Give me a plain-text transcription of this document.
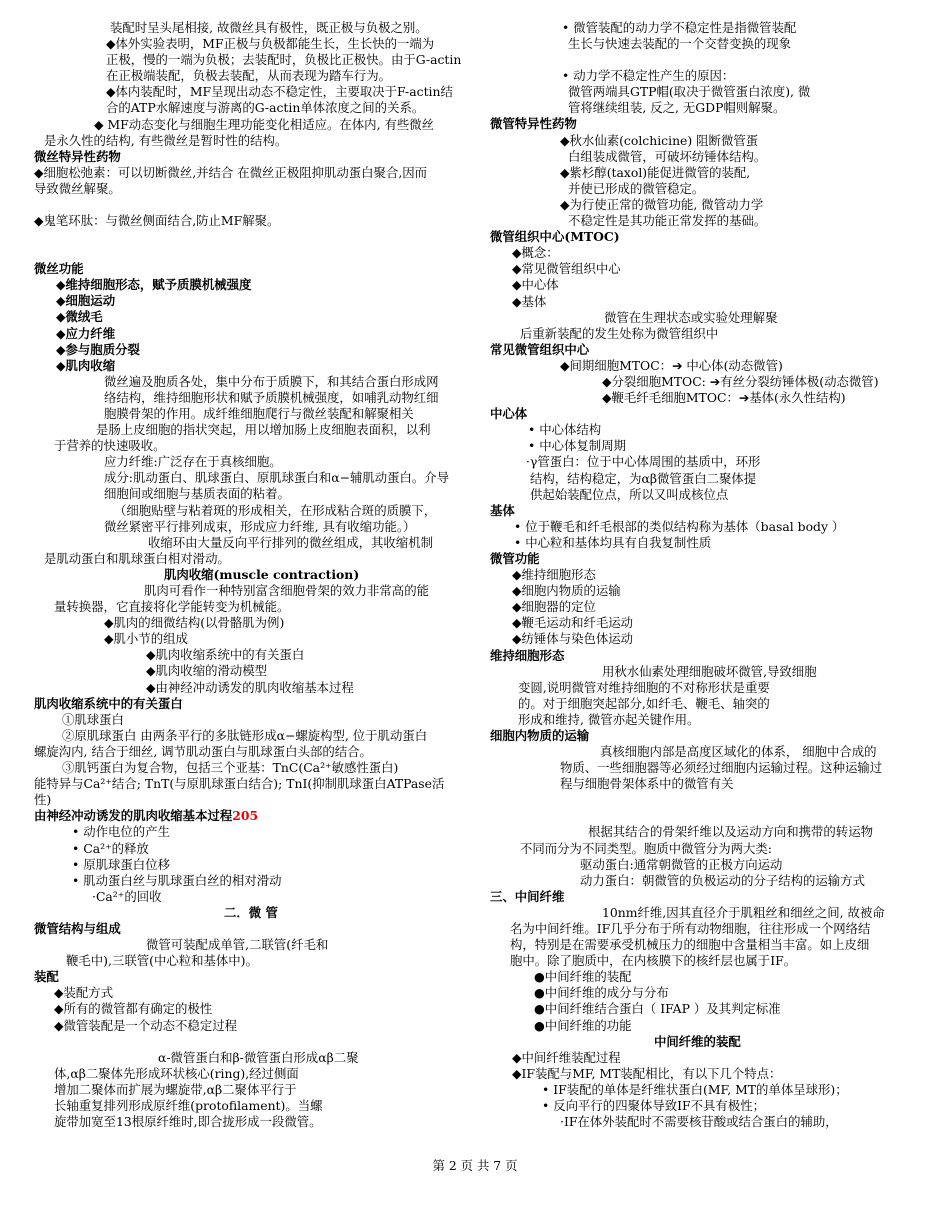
装配时呈头尾相接, 故微丝具有极性，既正极与负极之别。
◆体外实验表明，MF正极与负极都能生长，生长快的一端为
正极，慢的一端为负极；去装配时，负极比正极快。由于G-actin
在正极端装配，负极去装配，从而表现为踏车行为。
◆体内装配时，MF呈现出动态不稳定性，主要取决于F-actin结
合的ATP水解速度与游离的G-actin单体浓度之间的关系。
◆ MF动态变化与细胞生理功能变化相适应。在体内, 有些微丝
是永久性的结构, 有些微丝是暂时性的结构。
微丝特异性药物
◆细胞松弛素：可以切断微丝,并结合 在微丝正极阻抑肌动蛋白聚合,因而
导致微丝解聚。
◆鬼笔环肽：与微丝侧面结合,防止MF解聚。
微丝功能
◆维持细胞形态，赋予质膜机械强度
◆细胞运动
◆微绒毛
◆应力纤维
◆参与胞质分裂
◆肌肉收缩
微丝遍及胞质各处，集中分布于质膜下，和其结合蛋白形成网
络结构，维持细胞形状和赋予质膜机械强度，如哺乳动物红细
胞膜骨架的作用。成纤维细胞爬行与微丝装配和解聚相关
是肠上皮细胞的指状突起，用以增加肠上皮细胞表面积，以利
于营养的快速吸收。
应力纤维:广泛存在于真核细胞。
成分:肌动蛋白、肌球蛋白、原肌球蛋白和α−辅肌动蛋白。介导
细胞间或细胞与基质表面的粘着。
（细胞贴壁与粘着斑的形成相关，在形成粘合斑的质膜下，
微丝紧密平行排列成束，形成应力纤维, 具有收缩功能。）
收缩环由大量反向平行排列的微丝组成，其收缩机制
是肌动蛋白和肌球蛋白相对滑动。
肌肉收缩(muscle contraction)
肌肉可看作一种特别富含细胞骨架的效力非常高的能
量转换器，它直接将化学能转变为机械能。
◆肌肉的细微结构(以骨骼肌为例)
◆肌小节的组成
◆肌肉收缩系统中的有关蛋白
◆肌肉收缩的滑动模型
◆由神经冲动诱发的肌肉收缩基本过程
肌肉收缩系统中的有关蛋白
①肌球蛋白
②原肌球蛋白 由两条平行的多肽链形成α−螺旋构型, 位于肌动蛋白
螺旋沟内, 结合于细丝, 调节肌动蛋白与肌球蛋白头部的结合。
③肌钙蛋白为复合物，包括三个亚基：TnC(Ca²⁺敏感性蛋白)
能特异与Ca²⁺结合; TnT(与原肌球蛋白结合); TnI(抑制肌球蛋白ATPase活
性)
由神经冲动诱发的肌肉收缩基本过程205
• 动作电位的产生
• Ca²⁺的释放
• 原肌球蛋白位移
• 肌动蛋白丝与肌球蛋白丝的相对滑动
·Ca²⁺的回收
二．微 管
微管结构与组成
微管可装配成单管,二联管(纤毛和
鞭毛中),三联管(中心粒和基体中)。
装配
◆装配方式
◆所有的微管都有确定的极性
◆微管装配是一个动态不稳定过程
α-微管蛋白和β-微管蛋白形成αβ二聚
体,αβ二聚体先形成环状核心(ring),经过侧面
增加二聚体而扩展为螺旋带,αβ二聚体平行于
长轴重复排列形成原纤维(protofilament)。当螺
旋带加宽至13根原纤维时,即合拢形成一段微管。
• 微管装配的动力学不稳定性是指微管装配
生长与快速去装配的一个交替变换的现象
• 动力学不稳定性产生的原因：
微管两端具GTP帽(取决于微管蛋白浓度), 微
管将继续组装, 反之, 无GDP帽则解聚。
微管特异性药物
◆秋水仙素(colchicine) 阻断微管蛋
白组装成微管，可破坏纺锤体结构。
◆紫杉醇(taxol)能促进微管的装配,
并使已形成的微管稳定。
◆为行使正常的微管功能, 微管动力学
不稳定性是其功能正常发挥的基础。
微管组织中心(MTOC)
◆概念：
◆常见微管组织中心
◆中心体
◆基体
微管在生理状态或实验处理解聚
后重新装配的发生处称为微管组织中
常见微管组织中心
◆间期细胞MTOC：➔ 中心体(动态微管)
◆分裂细胞MTOC: ➔有丝分裂纺锤体极(动态微管)
◆鞭毛纤毛细胞MTOC：➔基体(永久性结构)
中心体
• 中心体结构
• 中心体复制周期
·γ管蛋白：位于中心体周围的基质中，环形
结构，结构稳定，为αβ微管蛋白二聚体提
供起始装配位点，所以又叫成核位点
基体
• 位于鞭毛和纤毛根部的类似结构称为基体（basal body ）
• 中心粒和基体均具有自我复制性质
微管功能
◆维持细胞形态
◆细胞内物质的运输
◆细胞器的定位
◆鞭毛运动和纤毛运动
◆纺锤体与染色体运动
维持细胞形态
用秋水仙素处理细胞破坏微管,导致细胞
变圆,说明微管对维持细胞的不对称形状是重要
的。对于细胞突起部分,如纤毛、鞭毛、轴突的
形成和维持, 微管亦起关键作用。
细胞内物质的运输
真核细胞内部是高度区域化的体系， 细胞中合成的
物质、一些细胞器等必须经过细胞内运输过程。这种运输过
程与细胞骨架体系中的微管有关
根据其结合的骨架纤维以及运动方向和携带的转运物
不同而分为不同类型。胞质中微管分为两大类:
驱动蛋白:通常朝微管的正极方向运动
动力蛋白：朝微管的负极运动的分子结构的运输方式
三、中间纤维
10nm纤维,因其直径介于肌粗丝和细丝之间, 故被命
名为中间纤维。IF几乎分布于所有动物细胞，往往形成一个网络结
构，特别是在需要承受机械压力的细胞中含量相当丰富。如上皮细
胞中。除了胞质中，在内核膜下的核纤层也属于IF。
●中间纤维的装配
●中间纤维的成分与分布
●中间纤维结合蛋白（ IFAP ）及其判定标准
●中间纤维的功能
中间纤维的装配
◆中间纤维装配过程
◆IF装配与MF, MT装配相比，有以下几个特点：
• IF装配的单体是纤维状蛋白(MF, MT的单体呈球形)；
• 反向平行的四聚体导致IF不具有极性；
·IF在体外装配时不需要核苷酸或结合蛋白的辅助，
第 2 页 共 7 页
